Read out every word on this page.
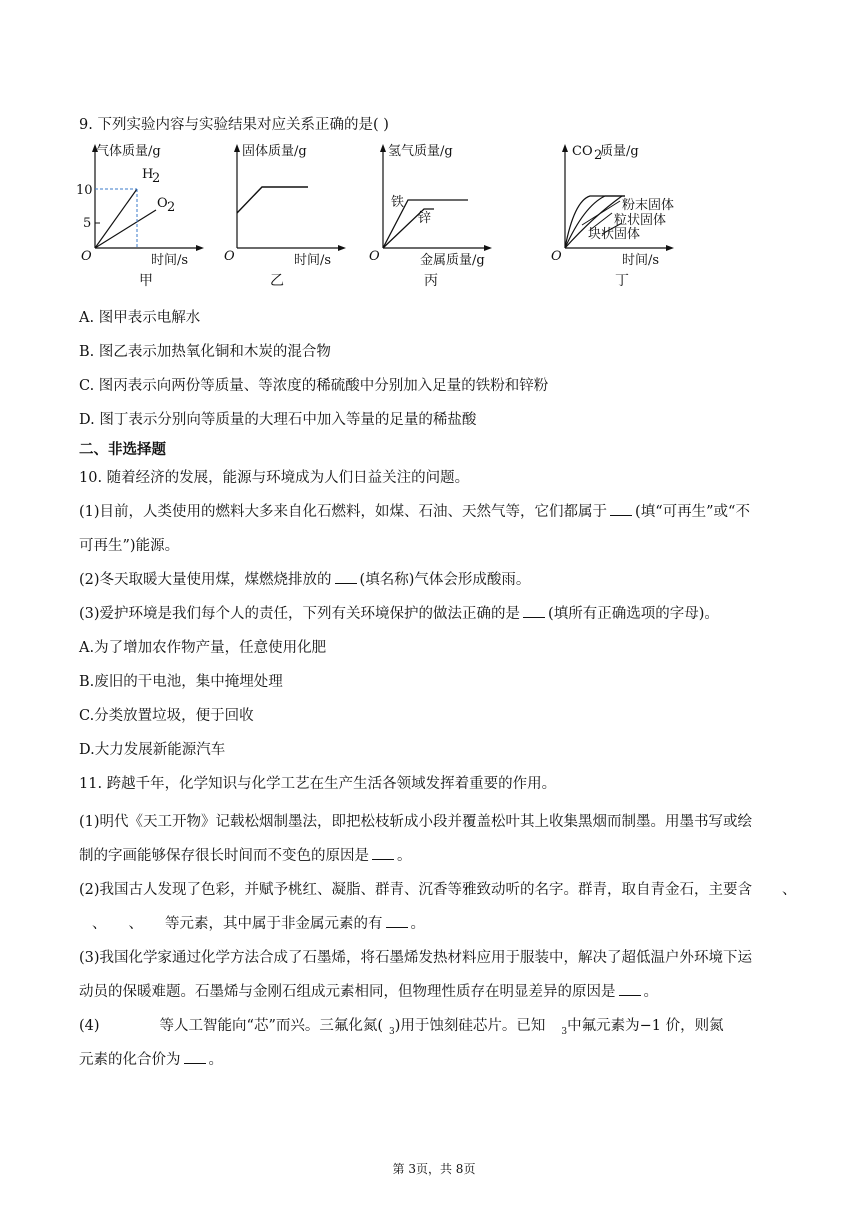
9. 下列实验内容与实验结果对应关系正确的是( )
气体质量/g
10
5
H
2
O 2
O	时间/s
甲
固体质量/g
O	时间/s
乙
氢气质量/g
铁
锌
O	金属质量/g
丙
CO 2
质量/g
粉末固体
粒状固体
块状固体
O	时间/s
丁
A. 图甲表示电解水
B. 图乙表示加热氧化铜和木炭的混合物
C. 图丙表示向两份等质量、等浓度的稀硫酸中分别加入足量的铁粉和锌粉
D. 图丁表示分别向等质量的大理石中加入等量的足量的稀盐酸
二、非选择题
10. 随着经济的发展，能源与环境成为人们日益关注的问题。
(1)目前，人类使用的燃料大多来自化石燃料，如煤、石油、天然气等，它们都属于 (填“可再生”或“不
可再生”)能源。
(2)冬天取暖大量使用煤，煤燃烧排放的 (填名称)气体会形成酸雨。
(3)爱护环境是我们每个人的责任，下列有关环境保护的做法正确的是 (填所有正确选项的字母)。
A.为了增加农作物产量，任意使用化肥
B.废旧的干电池，集中掩埋处理
C.分类放置垃圾，便于回收
D.大力发展新能源汽车
11. 跨越千年，化学知识与化学工艺在生产生活各领域发挥着重要的作用。
(1)明代《天工开物》记载松烟制墨法，即把松枝斩成小段并覆盖松叶其上收集黑烟而制墨。用墨书写或绘
制的字画能够保存很长时间而不变色的原因是 。
(2)我国古人发现了色彩，并赋予桃红、凝脂、群青、沉香等雅致动听的名字。群青，取自青金石，主要含 、
、 、 等元素，其中属于非金属元素的有 。
(3)我国化学家通过化学方法合成了石墨烯，将石墨烯发热材料应用于服装中，解决了超低温户外环境下运
动员的保暖难题。石墨烯与金刚石组成元素相同，但物理性质存在明显差异的原因是 。
(4)	等人工智能向“芯”而兴。三氟化氮( $_3$)用于蚀刻硅芯片。已知 $_3$中氟元素为−1 价，则氮
元素的化合价为 。
第 3页，共 8页
